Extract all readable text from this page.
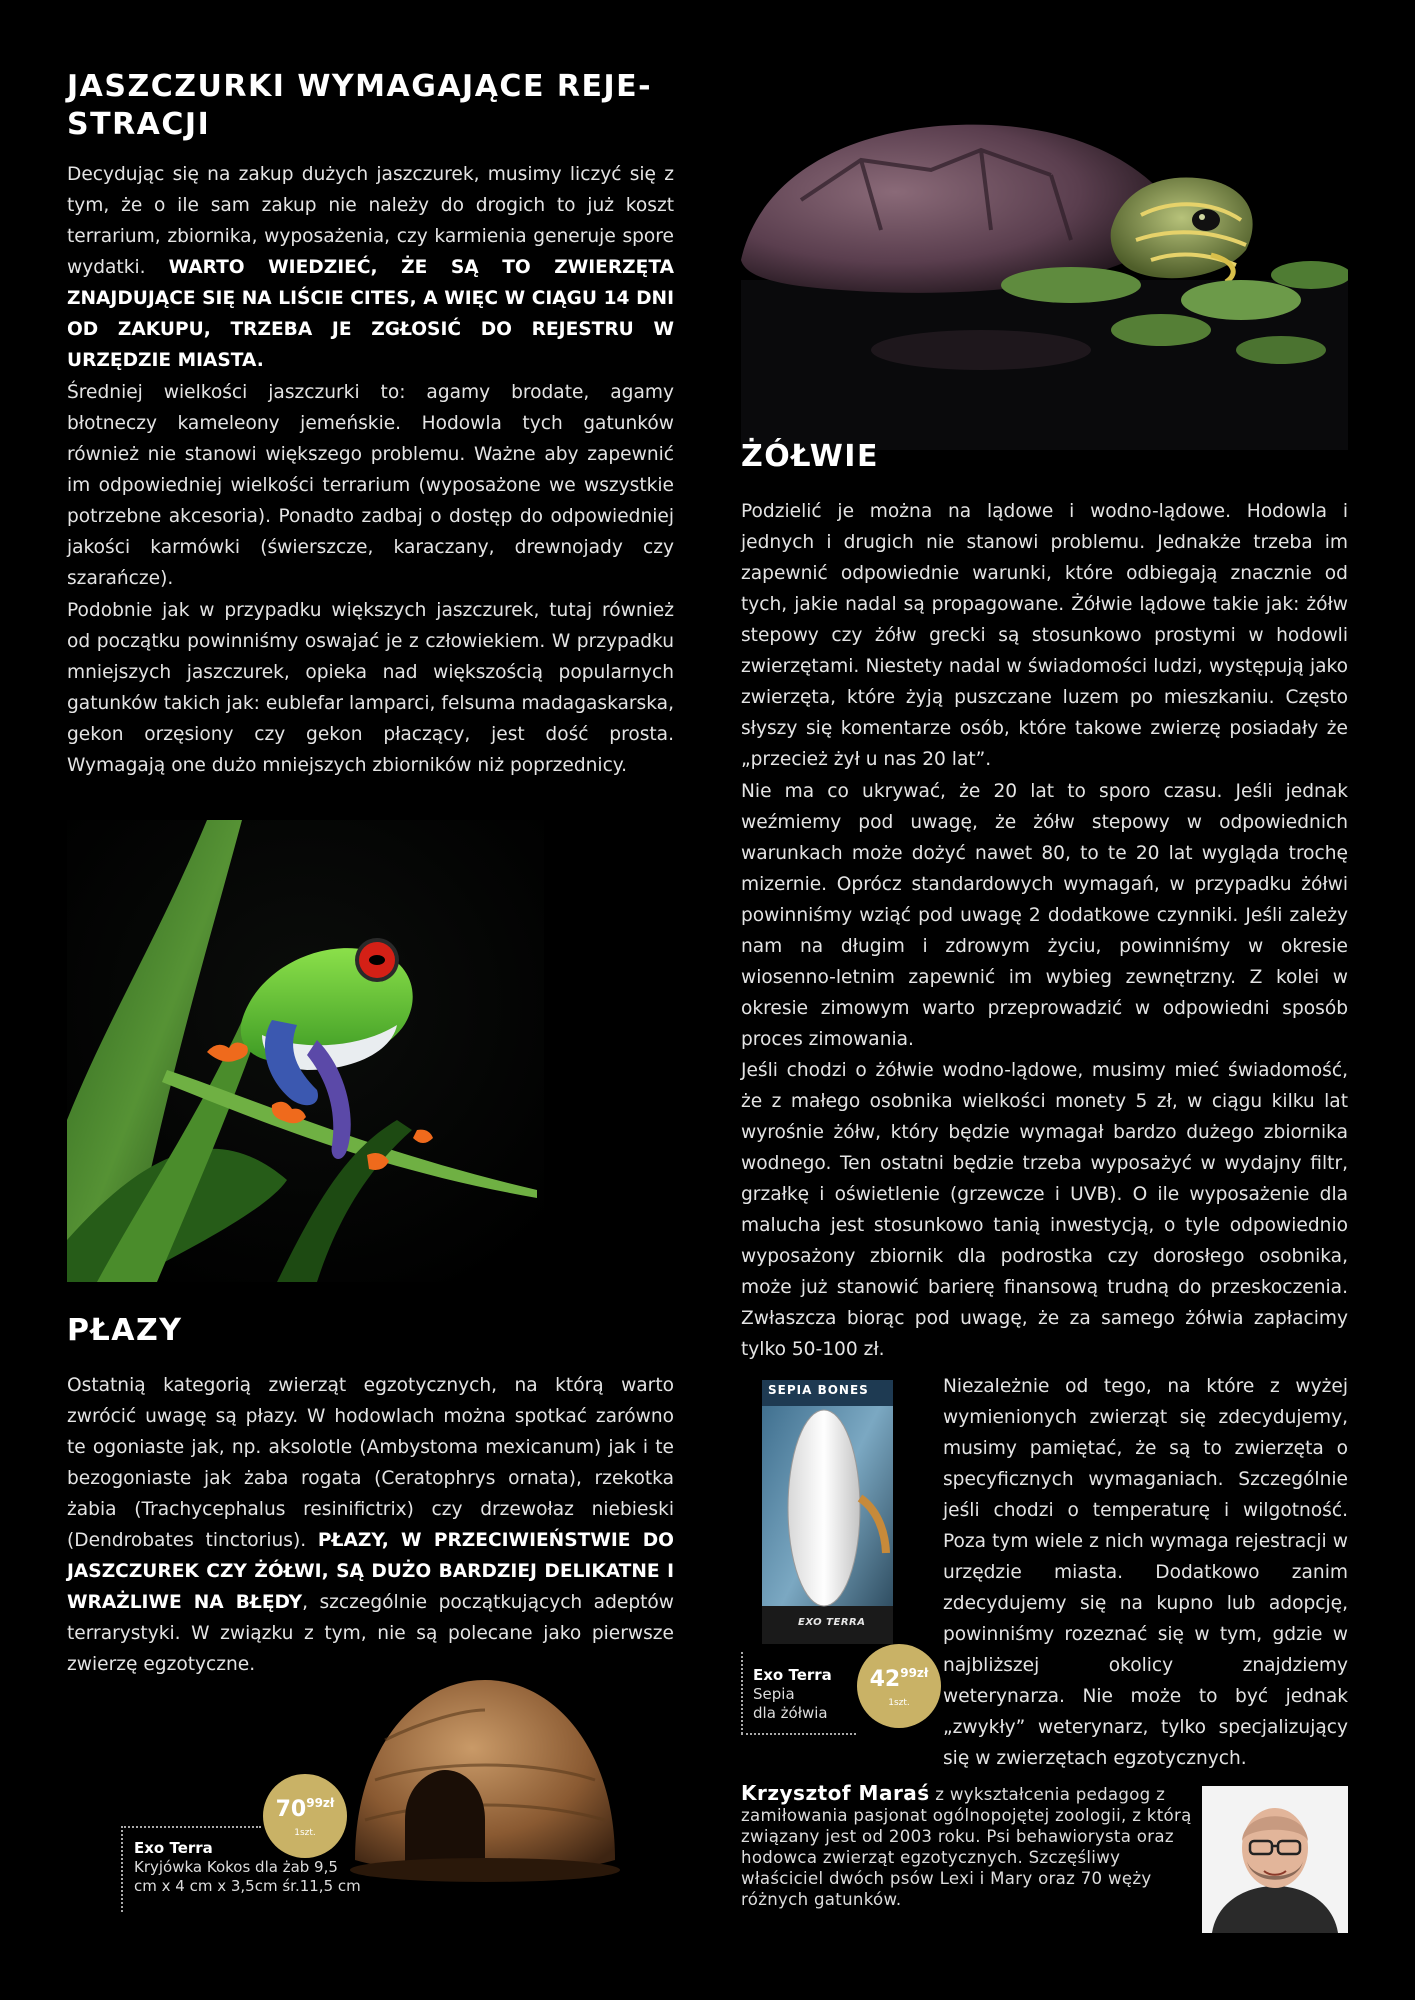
JASZCZURKI WYMAGAJĄCE REJE-
STRACJI

Decydując się na zakup dużych jaszczurek, musimy liczyć się z tym, że o ile sam zakup nie należy do drogich to już koszt terrarium, zbiornika, wyposażenia, czy karmienia generuje spore wydatki. WARTO WIEDZIEĆ, ŻE SĄ TO ZWIERZĘTA ZNAJDUJĄCE SIĘ NA LIŚCIE CITES, A WIĘC W CIĄGU 14 DNI OD ZAKUPU, TRZEBA JE ZGŁOSIĆ DO REJESTRU W URZĘDZIE MIASTA.

Średniej wielkości jaszczurki to: agamy brodate, agamy błotneczy kameleony jemeńskie. Hodowla tych gatunków również nie stanowi większego problemu. Ważne aby zapewnić im odpowiedniej wielkości terrarium (wyposażone we wszystkie potrzebne akcesoria). Ponadto zadbaj o dostęp do odpowiedniej jakości karmówki (świerszcze, karaczany, drewnojady czy szarańcze).

Podobnie jak w przypadku większych jaszczurek, tutaj również od początku powinniśmy oswajać je z człowiekiem. W przypadku mniejszych jaszczurek, opieka nad większością popularnych gatunków takich jak: eublefar lamparci, felsuma madagaskarska, gekon orzęsiony czy gekon płaczący, jest dość prosta. Wymagają one dużo mniejszych zbiorników niż poprzednicy.

PŁAZY

Ostatnią kategorią zwierząt egzotycznych, na którą warto zwrócić uwagę są płazy. W hodowlach można spotkać zarówno te ogoniaste jak, np. aksolotle (Ambystoma mexicanum) jak i te bezogoniaste jak żaba rogata (Ceratophrys ornata), rzekotka żabia (Trachycephalus resinifictrix) czy drzewołaz niebieski (Dendrobates tinctorius). PŁAZY, W PRZECIWIEŃSTWIE DO JASZCZUREK CZY ŻÓŁWI, SĄ DUŻO BARDZIEJ DELIKATNE I WRAŻLIWE NA BŁĘDY, szczególnie początkujących adeptów terrarystyki. W związku z tym, nie są polecane jako pierwsze zwierzę egzotyczne.

$70^{99zł}$
1szt.
Exo Terra
Kryjówka Kokos dla żab 9,5
cm x 4 cm x 3,5cm śr.11,5 cm
ŻÓŁWIE

Podzielić je można na lądowe i wodno-lądowe. Hodowla i jednych i drugich nie stanowi problemu. Jednakże trzeba im zapewnić odpowiednie warunki, które odbiegają znacznie od tych, jakie nadal są propagowane. Żółwie lądowe takie jak: żółw stepowy czy żółw grecki są stosunkowo prostymi w hodowli zwierzętami. Niestety nadal w świadomości ludzi, występują jako zwierzęta, które żyją puszczane luzem po mieszkaniu. Często słyszy się komentarze osób, które takowe zwierzę posiadały że „przecież żył u nas 20 lat”.

Nie ma co ukrywać, że 20 lat to sporo czasu. Jeśli jednak weźmiemy pod uwagę, że żółw stepowy w odpowiednich warunkach może dożyć nawet 80, to te 20 lat wygląda trochę mizernie. Oprócz standardowych wymagań, w przypadku żółwi powinniśmy wziąć pod uwagę 2 dodatkowe czynniki. Jeśli zależy nam na długim i zdrowym życiu, powinniśmy w okresie wiosenno-letnim zapewnić im wybieg zewnętrzny. Z kolei w okresie zimowym warto przeprowadzić w odpowiedni sposób proces zimowania.

Jeśli chodzi o żółwie wodno-lądowe, musimy mieć świadomość, że z małego osobnika wielkości monety 5 zł, w ciągu kilku lat wyrośnie żółw, który będzie wymagał bardzo dużego zbiornika wodnego. Ten ostatni będzie trzeba wyposażyć w wydajny filtr, grzałkę i oświetlenie (grzewcze i UVB). O ile wyposażenie dla malucha jest stosunkowo tanią inwestycją, o tyle odpowiednio wyposażony zbiornik dla podrostka czy dorosłego osobnika, może już stanowić barierę finansową trudną do przeskoczenia. Zwłaszcza biorąc pod uwagę, że za samego żółwia zapłacimy tylko 50-100 zł.

SEPIA BONES
EXO TERRA
$42^{99zł}$
1szt.
Exo Terra
Sepia
dla żółwia

Niezależnie od tego, na które z wyżej wymienionych zwierząt się zdecydujemy, musimy pamiętać, że są to zwierzęta o specyficznych wymaganiach. Szczególnie jeśli chodzi o temperaturę i wilgotność. Poza tym wiele z nich wymaga rejestracji w urzędzie miasta. Dodatkowo zanim zdecydujemy się na kupno lub adopcję, powinniśmy rozeznać się w tym, gdzie w najbliższej okolicy znajdziemy weterynarza. Nie może to być jednak „zwykły” weterynarz, tylko specjalizujący się w zwierzętach egzotycznych.

Krzysztof Maraś z wykształcenia pedagog z zamiłowania pasjonat ogólnopojętej zoologii, z którą związany jest od 2003 roku. Psi behawiorysta oraz hodowca zwierząt egzotycznych. Szczęśliwy właściciel dwóch psów Lexi i Mary oraz 70 węży różnych gatunków.
